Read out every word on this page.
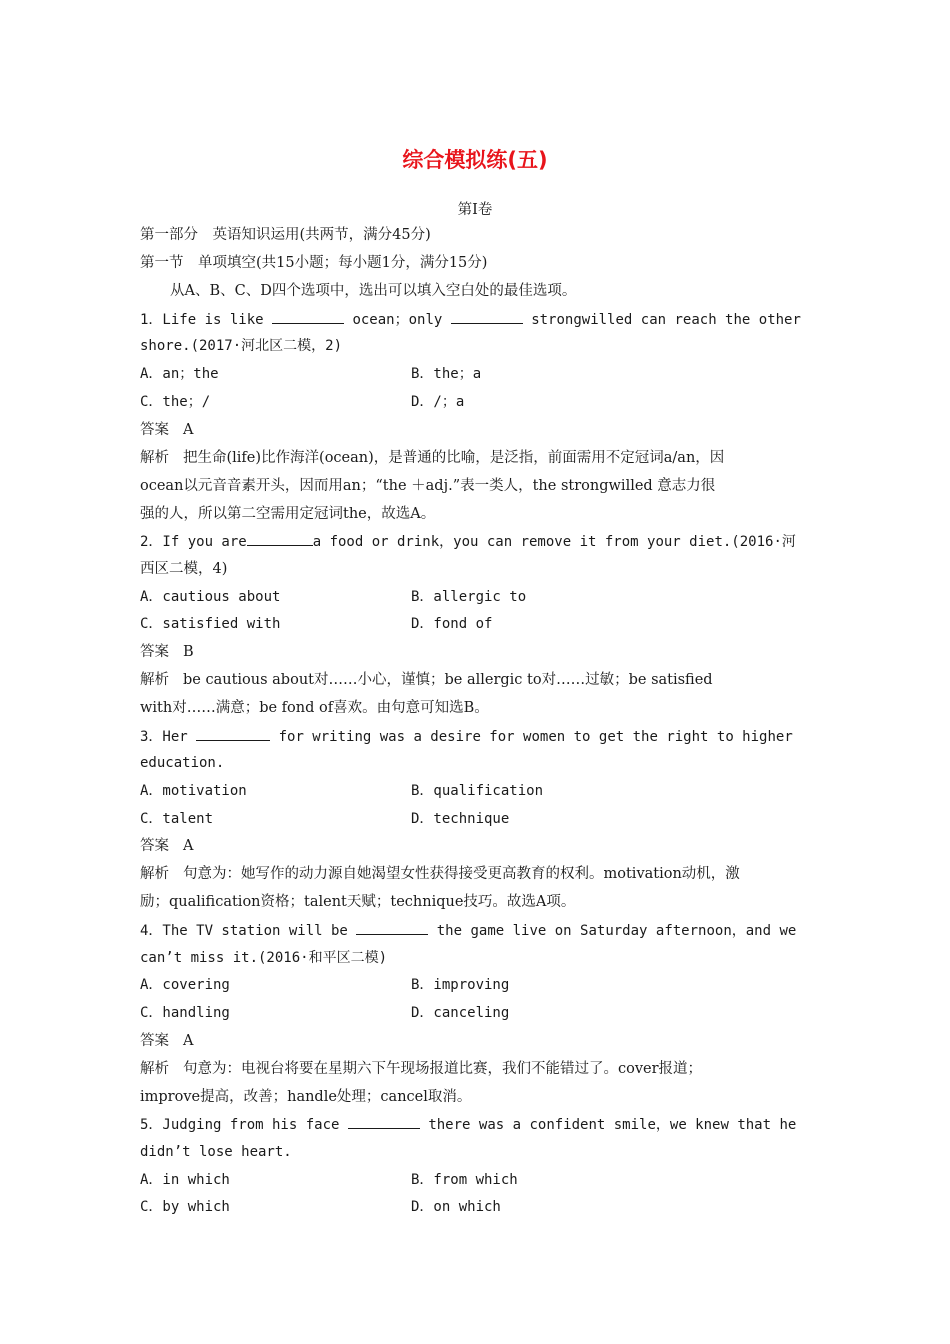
综合模拟练(五)
第Ⅰ卷
第一部分　英语知识运用(共两节，满分45分)
第一节　单项填空(共15小题；每小题1分，满分15分)
从A、B、C、D四个选项中，选出可以填入空白处的最佳选项。
1．Life is like	ocean；only	strongwilled can reach the other
shore.(2017·河北区二模，2)
A．an；the	B．the；a
C．the；/	D．/；a
答案 A
解析 把生命(life)比作海洋(ocean)，是普通的比喻，是泛指，前面需用不定冠词a/an，因
ocean以元音音素开头，因而用an；“the ＋adj.”表一类人，the strongwilled 意志力很
强的人，所以第二空需用定冠词the，故选A。
2．If you are	a food or drink，you can remove it from your diet.(2016·河
西区二模，4)
A．cautious about	B．allergic to
C．satisfied with	D．fond of
答案 B
解析 be cautious about对……小心，谨慎；be allergic to对……过敏；be satisfied
with对……满意；be fond of喜欢。由句意可知选B。
3．Her	for writing was a desire for women to get the right to higher
education.
A．motivation	B．qualification
C．talent	D．technique
答案 A
解析 句意为：她写作的动力源自她渴望女性获得接受更高教育的权利。motivation动机，激
励；qualification资格；talent天赋；technique技巧。故选A项。
4．The TV station will be	the game live on Saturday afternoon，and we
can’t miss it.(2016·和平区二模)
A．covering	B．improving
C．handling	D．canceling
答案 A
解析 句意为：电视台将要在星期六下午现场报道比赛，我们不能错过了。cover报道；
improve提高，改善；handle处理；cancel取消。
5．Judging from his face	there was a confident smile，we knew that he
didn’t lose heart.
A．in which	B．from which
C．by which	D．on which
